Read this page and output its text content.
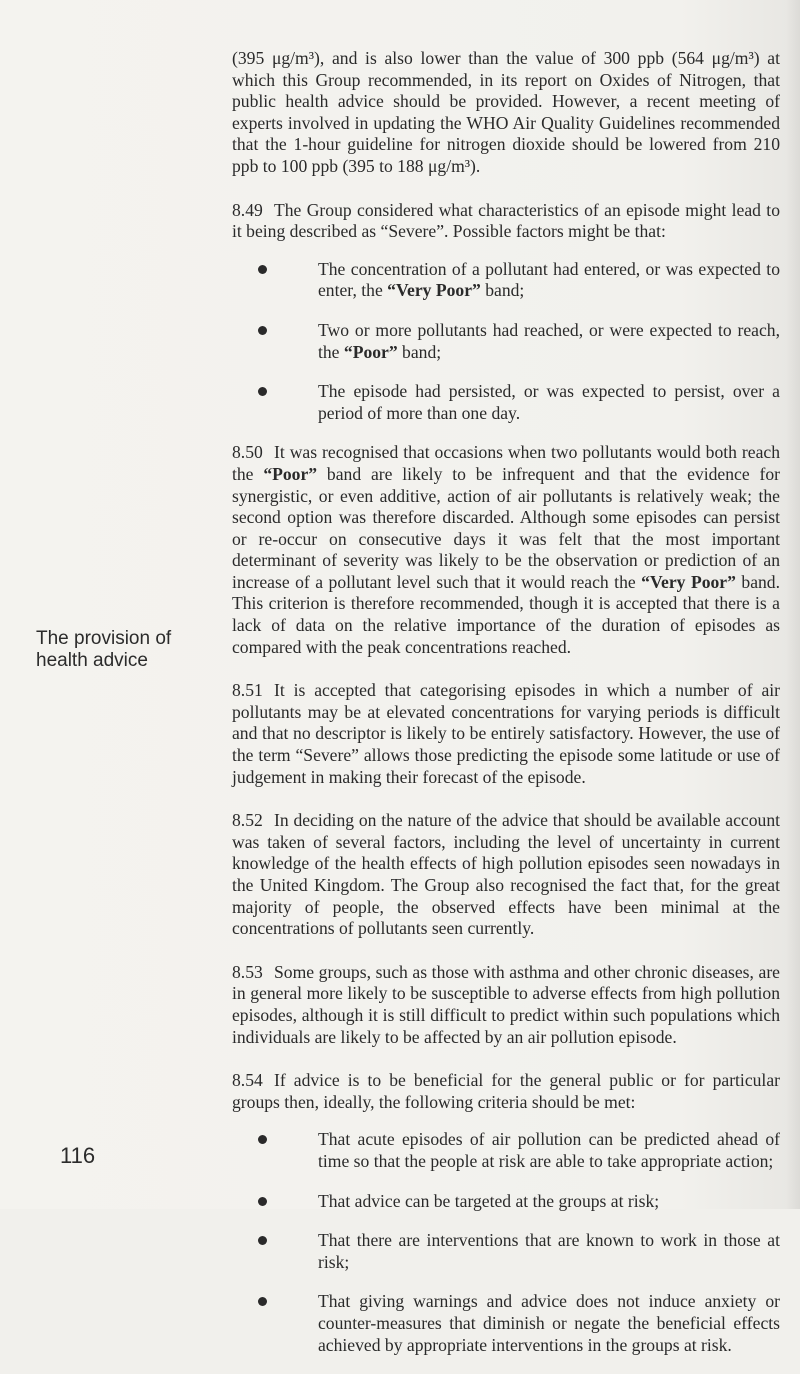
The provision of health advice
116

(395 μg/m³), and is also lower than the value of 300 ppb (564 μg/m³) at which this Group recommended, in its report on Oxides of Nitrogen, that public health advice should be provided. However, a recent meeting of experts involved in updating the WHO Air Quality Guidelines recommended that the 1-hour guideline for nitrogen dioxide should be lowered from 210 ppb to 100 ppb (395 to 188 μg/m³).

8.49 The Group considered what characteristics of an episode might lead to it being described as “Severe”. Possible factors might be that:

The concentration of a pollutant had entered, or was expected to enter, the “Very Poor” band;
Two or more pollutants had reached, or were expected to reach, the “Poor” band;
The episode had persisted, or was expected to persist, over a period of more than one day.

8.50 It was recognised that occasions when two pollutants would both reach the “Poor” band are likely to be infrequent and that the evidence for synergistic, or even additive, action of air pollutants is relatively weak; the second option was therefore discarded. Although some episodes can persist or re-occur on consecutive days it was felt that the most important determinant of severity was likely to be the observation or prediction of an increase of a pollutant level such that it would reach the “Very Poor” band. This criterion is therefore recommended, though it is accepted that there is a lack of data on the relative importance of the duration of episodes as compared with the peak concentrations reached.

8.51 It is accepted that categorising episodes in which a number of air pollutants may be at elevated concentrations for varying periods is difficult and that no descriptor is likely to be entirely satisfactory. However, the use of the term “Severe” allows those predicting the episode some latitude or use of judgement in making their forecast of the episode.

8.52 In deciding on the nature of the advice that should be available account was taken of several factors, including the level of uncertainty in current knowledge of the health effects of high pollution episodes seen nowadays in the United Kingdom. The Group also recognised the fact that, for the great majority of people, the observed effects have been minimal at the concentrations of pollutants seen currently.

8.53 Some groups, such as those with asthma and other chronic diseases, are in general more likely to be susceptible to adverse effects from high pollution episodes, although it is still difficult to predict within such populations which individuals are likely to be affected by an air pollution episode.

8.54 If advice is to be beneficial for the general public or for particular groups then, ideally, the following criteria should be met:

That acute episodes of air pollution can be predicted ahead of time so that the people at risk are able to take appropriate action;
That advice can be targeted at the groups at risk;
That there are interventions that are known to work in those at risk;
That giving warnings and advice does not induce anxiety or counter-measures that diminish or negate the beneficial effects achieved by appropriate interventions in the groups at risk.
